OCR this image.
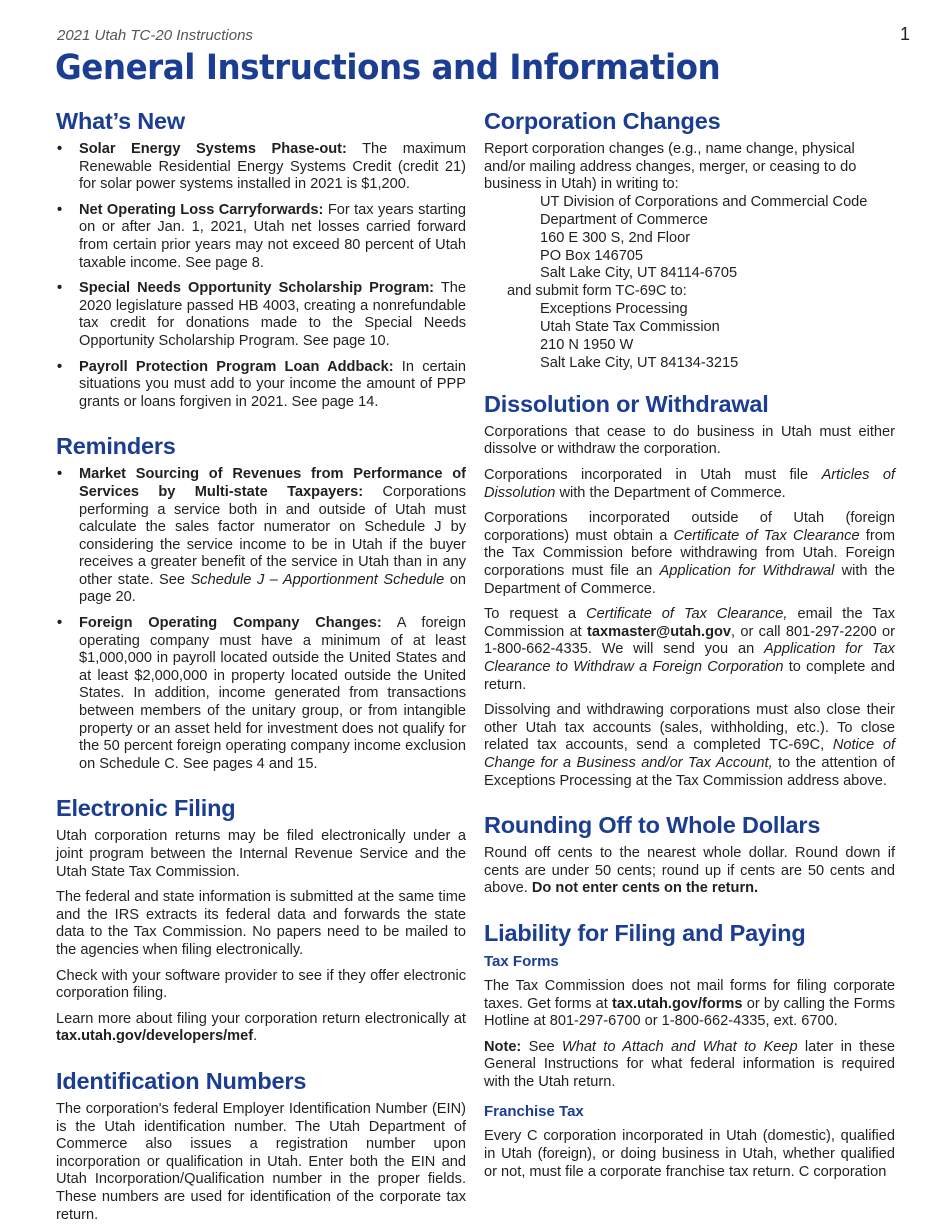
2021 Utah TC-20 Instructions	1
General Instructions and Information
What’s New
• Solar Energy Systems Phase-out: The maximum Renewable Residential Energy Systems Credit (credit 21) for solar power systems installed in 2021 is $1,200.
• Net Operating Loss Carryforwards: For tax years starting on or after Jan. 1, 2021, Utah net losses carried forward from certain prior years may not exceed 80 percent of Utah taxable income. See page 8.
• Special Needs Opportunity Scholarship Program: The 2020 legislature passed HB 4003, creating a nonrefundable tax credit for donations made to the Special Needs Opportunity Scholarship Program. See page 10.
• Payroll Protection Program Loan Addback: In certain situations you must add to your income the amount of PPP grants or loans forgiven in 2021. See page 14.
Reminders
• Market Sourcing of Revenues from Performance of Services by Multi-state Taxpayers: Corporations performing a service both in and outside of Utah must calculate the sales factor numerator on Schedule J by considering the service income to be in Utah if the buyer receives a greater benefit of the service in Utah than in any other state. See Schedule J – Apportionment Schedule on page 20.
• Foreign Operating Company Changes: A foreign operating company must have a minimum of at least $1,000,000 in payroll located outside the United States and at least $2,000,000 in property located outside the United States. In addition, income generated from transactions between members of the unitary group, or from intangible property or an asset held for investment does not qualify for the 50 percent foreign operating company income exclusion on Schedule C. See pages 4 and 15.
Electronic Filing

Utah corporation returns may be filed electronically under a joint program between the Internal Revenue Service and the Utah State Tax Commission.

The federal and state information is submitted at the same time and the IRS extracts its federal data and forwards the state data to the Tax Commission. No papers need to be mailed to the agencies when filing electronically.

Check with your software provider to see if they offer electronic corporation filing.

Learn more about filing your corporation return electronically at tax.utah.gov/developers/mef.

Identification Numbers

The corporation's federal Employer Identification Number (EIN) is the Utah identification number. The Utah Department of Commerce also issues a registration number upon incorporation or qualification in Utah. Enter both the EIN and Utah Incorporation/Qualification number in the proper fields. These numbers are used for identification of the corporate tax return.

Corporation Changes

Report corporation changes (e.g., name change, physical and/or mailing address changes, merger, or ceasing to do business in Utah) in writing to:

UT Division of Corporations and Commercial Code
Department of Commerce
160 E 300 S, 2nd Floor
PO Box 146705
Salt Lake City, UT 84114-6705
and submit form TC-69C to:
Exceptions Processing
Utah State Tax Commission
210 N 1950 W
Salt Lake City, UT 84134-3215
Dissolution or Withdrawal

Corporations that cease to do business in Utah must either dissolve or withdraw the corporation.

Corporations incorporated in Utah must file Articles of Dissolution with the Department of Commerce.

Corporations incorporated outside of Utah (foreign corporations) must obtain a Certificate of Tax Clearance from the Tax Commission before withdrawing from Utah. Foreign corporations must file an Application for Withdrawal with the Department of Commerce.

To request a Certificate of Tax Clearance, email the Tax Commission at taxmaster@utah.gov, or call 801-297-2200 or 1-800-662-4335. We will send you an Application for Tax Clearance to Withdraw a Foreign Corporation to complete and return.

Dissolving and withdrawing corporations must also close their other Utah tax accounts (sales, withholding, etc.). To close related tax accounts, send a completed TC-69C, Notice of Change for a Business and/or Tax Account, to the attention of Exceptions Processing at the Tax Commission address above.

Rounding Off to Whole Dollars

Round off cents to the nearest whole dollar. Round down if cents are under 50 cents; round up if cents are 50 cents and above. Do not enter cents on the return.

Liability for Filing and Paying
Tax Forms

The Tax Commission does not mail forms for filing corporate taxes. Get forms at tax.utah.gov/forms or by calling the Forms Hotline at 801-297-6700 or 1-800-662-4335, ext. 6700.

Note: See What to Attach and What to Keep later in these General Instructions for what federal information is required with the Utah return.

Franchise Tax

Every C corporation incorporated in Utah (domestic), qualified in Utah (foreign), or doing business in Utah, whether qualified or not, must file a corporate franchise tax return. C corporation
